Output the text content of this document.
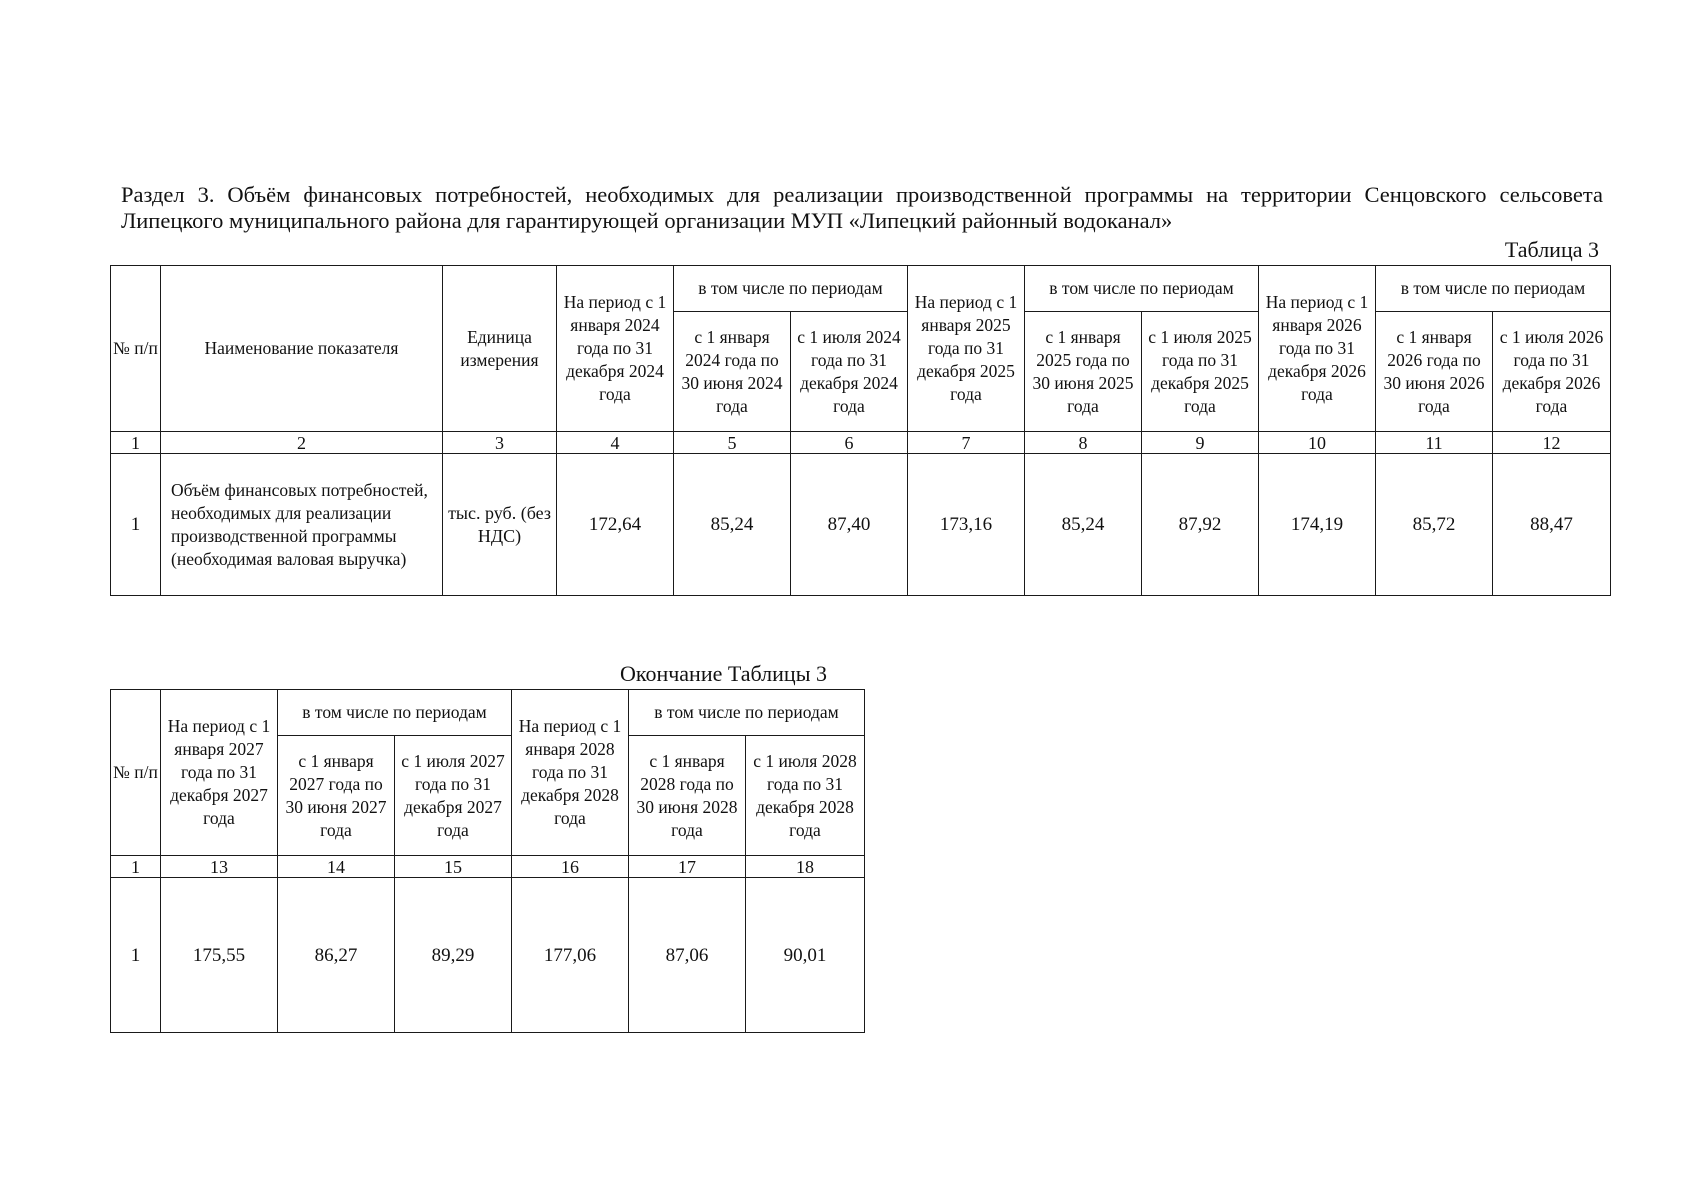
Раздел 3. Объём финансовых потребностей, необходимых для реализации производственной программы на территории Сенцовского сельсовета Липецкого муниципального района для гарантирующей организации МУП «Липецкий районный водоканал»
Таблица 3
№ п/п	Наименование показателя	Единица измерения	На период с 1 января 2024 года по 31 декабря 2024 года	в том числе по периодам		На период с 1 января 2025 года по 31 декабря 2025 года	в том числе по периодам		На период с 1 января 2026 года по 31 декабря 2026 года	в том числе по периодам	
				с 1 января 2024 года по 30 июня 2024 года	с 1 июля 2024 года по 31 декабря 2024 года		с 1 января 2025 года по 30 июня 2025 года	с 1 июля 2025 года по 31 декабря 2025 года		с 1 января 2026 года по 30 июня 2026 года	с 1 июля 2026 года по 31 декабря 2026 года
1	2	3	4	5	6	7	8	9	10	11	12
1	Объём финансовых потребностей, необходимых для реализации производственной программы (необходимая валовая выручка)	тыс. руб. (без НДС)	172,64	85,24	87,40	173,16	85,24	87,92	174,19	85,72	88,47
Окончание Таблицы 3
№ п/п	На период с 1 января 2027 года по 31 декабря 2027 года	в том числе по периодам		На период с 1 января 2028 года по 31 декабря 2028 года	в том числе по периодам	
		с 1 января 2027 года по 30 июня 2027 года	с 1 июля 2027 года по 31 декабря 2027 года		с 1 января 2028 года по 30 июня 2028 года	с 1 июля 2028 года по 31 декабря 2028 года
1	13	14	15	16	17	18
1	175,55	86,27	89,29	177,06	87,06	90,01
